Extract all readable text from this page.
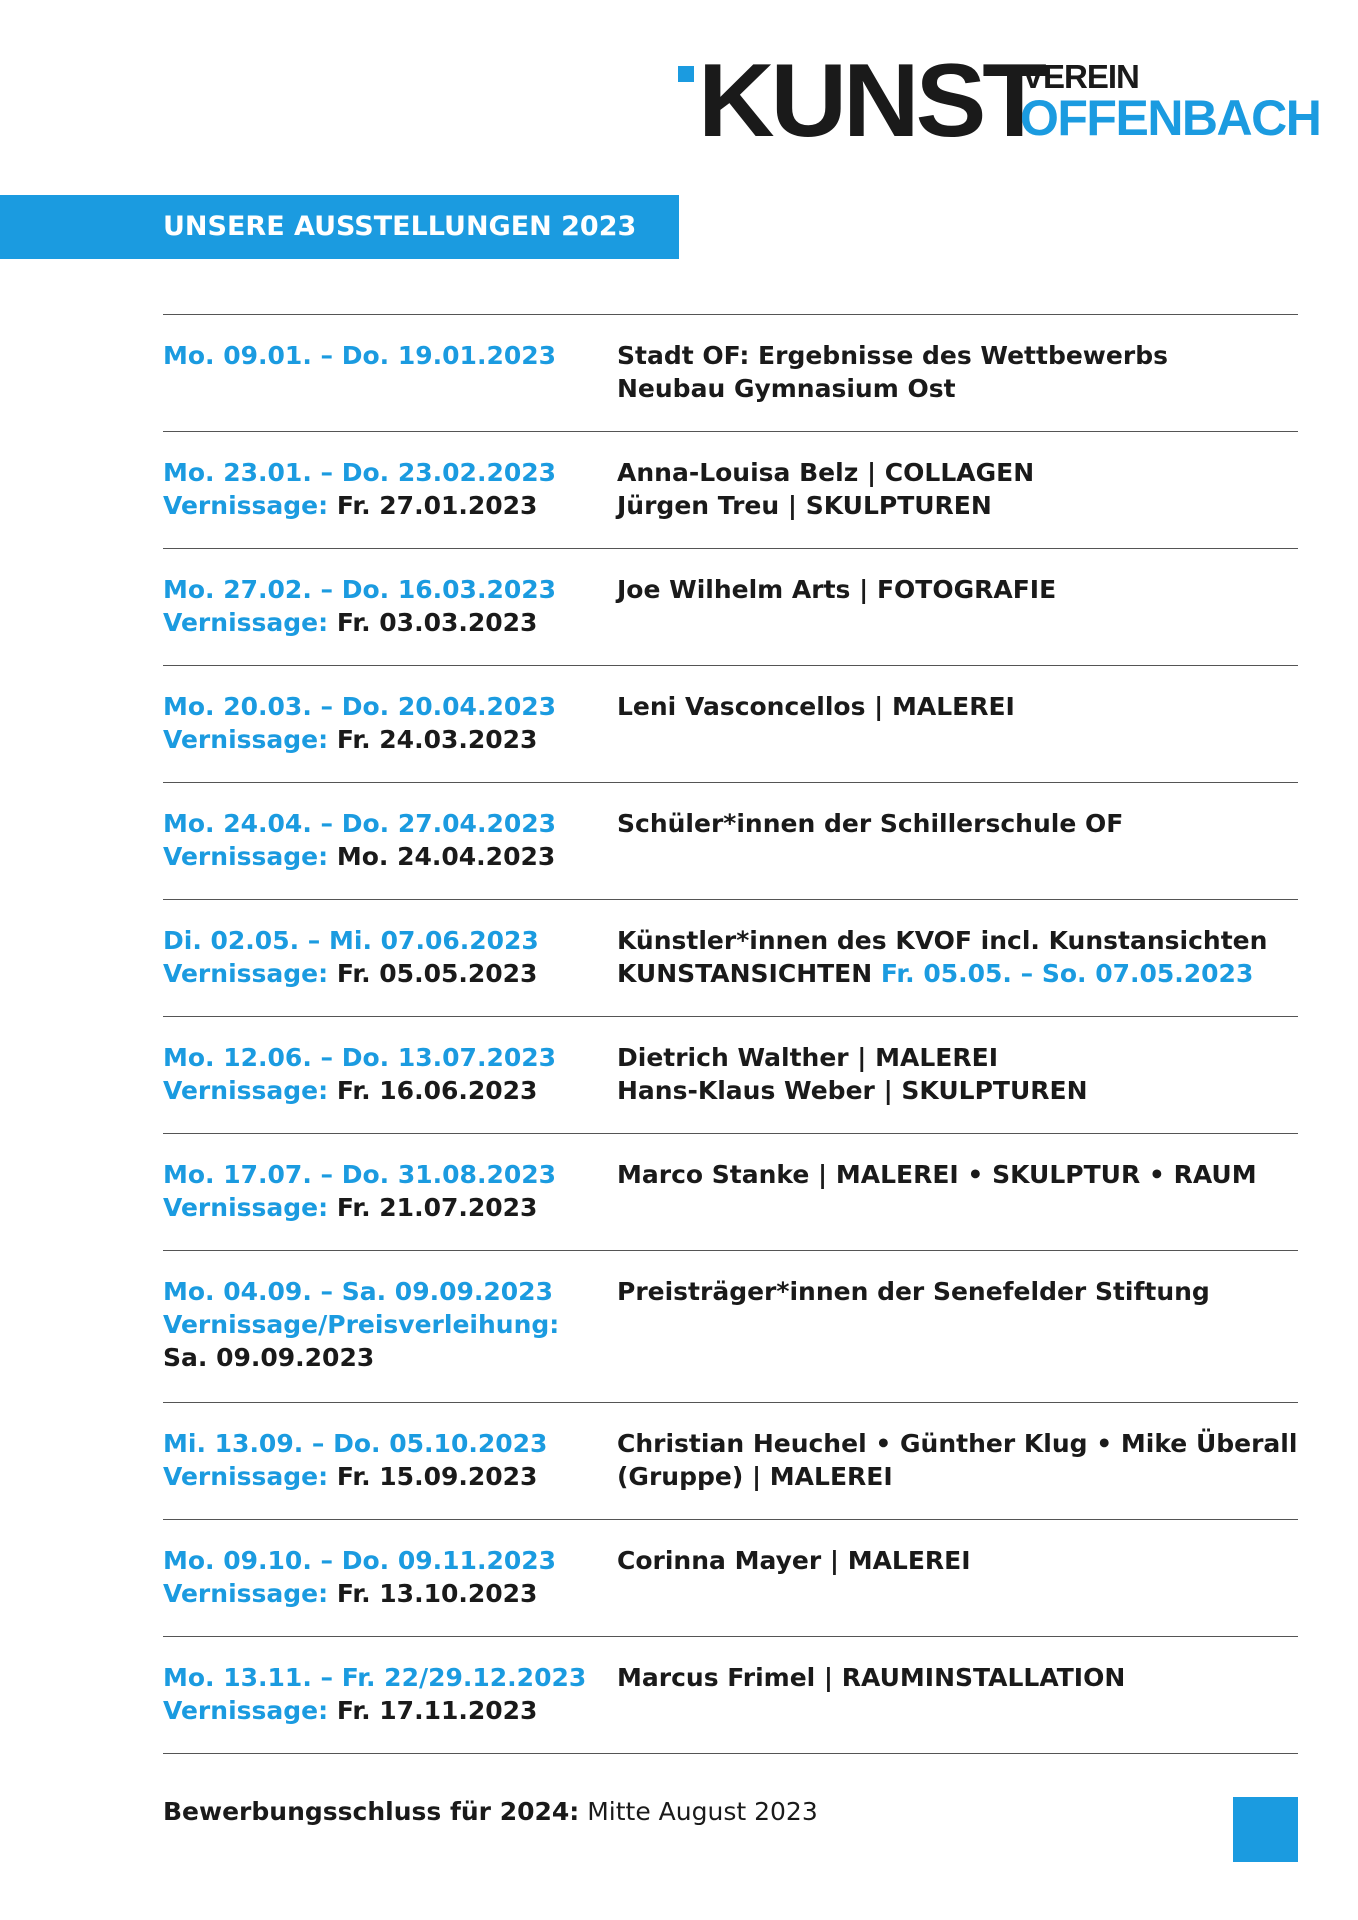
KUNST
VEREIN
OFFENBACH
UNSERE AUSSTELLUNGEN 2023
Mo. 09.01. – Do. 19.01.2023	Stadt OF: Ergebnisse des Wettbewerbs
Neubau Gymnasium Ost
Mo. 23.01. – Do. 23.02.2023
Vernissage: Fr. 27.01.2023
Anna-Louisa Belz | COLLAGEN
Jürgen Treu | SKULPTUREN
Mo. 27.02. – Do. 16.03.2023
Vernissage: Fr. 03.03.2023
Joe Wilhelm Arts | FOTOGRAFIE
Mo. 20.03. – Do. 20.04.2023
Vernissage: Fr. 24.03.2023
Leni Vasconcellos | MALEREI
Mo. 24.04. – Do. 27.04.2023
Vernissage: Mo. 24.04.2023
Schüler*innen der Schillerschule OF
Di. 02.05. – Mi. 07.06.2023
Vernissage: Fr. 05.05.2023
Künstler*innen des KVOF incl. Kunstansichten
KUNSTANSICHTEN Fr. 05.05. – So. 07.05.2023
Mo. 12.06. – Do. 13.07.2023
Vernissage: Fr. 16.06.2023
Dietrich Walther | MALEREI
Hans-Klaus Weber | SKULPTUREN
Mo. 17.07. – Do. 31.08.2023
Vernissage: Fr. 21.07.2023
Marco Stanke | MALEREI • SKULPTUR • RAUM
Mo. 04.09. – Sa. 09.09.2023
Vernissage/Preisverleihung:
Sa. 09.09.2023
Preisträger*innen der Senefelder Stiftung
Mi. 13.09. – Do. 05.10.2023
Vernissage: Fr. 15.09.2023
Christian Heuchel • Günther Klug • Mike Überall
(Gruppe) | MALEREI
Mo. 09.10. – Do. 09.11.2023
Vernissage: Fr. 13.10.2023
Corinna Mayer | MALEREI
Mo. 13.11. – Fr. 22/29.12.2023
Vernissage: Fr. 17.11.2023
Marcus Frimel | RAUMINSTALLATION
Bewerbungsschluss für 2024: Mitte August 2023
